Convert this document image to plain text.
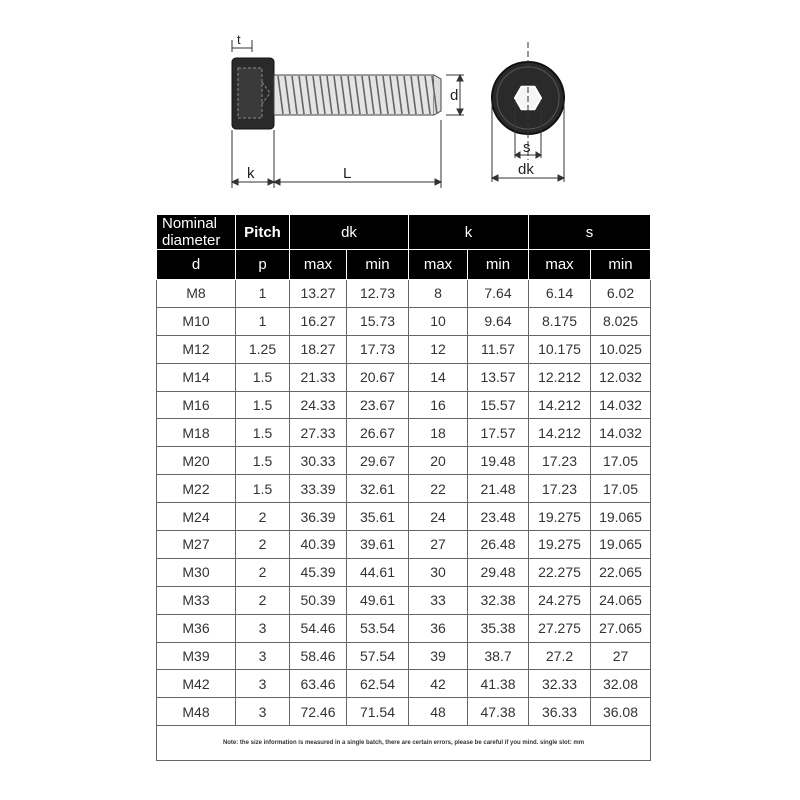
t
k	L
d
s
dk
Nominal diameter	Pitch	dk		k		s	
d	p	max	min	max	min	max	min
M8	1	13.27	12.73	8	7.64	6.14	6.02
M10	1	16.27	15.73	10	9.64	8.175	8.025
M12	1.25	18.27	17.73	12	11.57	10.175	10.025
M14	1.5	21.33	20.67	14	13.57	12.212	12.032
M16	1.5	24.33	23.67	16	15.57	14.212	14.032
M18	1.5	27.33	26.67	18	17.57	14.212	14.032
M20	1.5	30.33	29.67	20	19.48	17.23	17.05
M22	1.5	33.39	32.61	22	21.48	17.23	17.05
M24	2	36.39	35.61	24	23.48	19.275	19.065
M27	2	40.39	39.61	27	26.48	19.275	19.065
M30	2	45.39	44.61	30	29.48	22.275	22.065
M33	2	50.39	49.61	33	32.38	24.275	24.065
M36	3	54.46	53.54	36	35.38	27.275	27.065
M39	3	58.46	57.54	39	38.7	27.2	27
M42	3	63.46	62.54	42	41.38	32.33	32.08
M48	3	72.46	71.54	48	47.38	36.33	36.08
Note: the size information is measured in a single batch, there are certain errors, please be careful if you mind. single slot: mm							
